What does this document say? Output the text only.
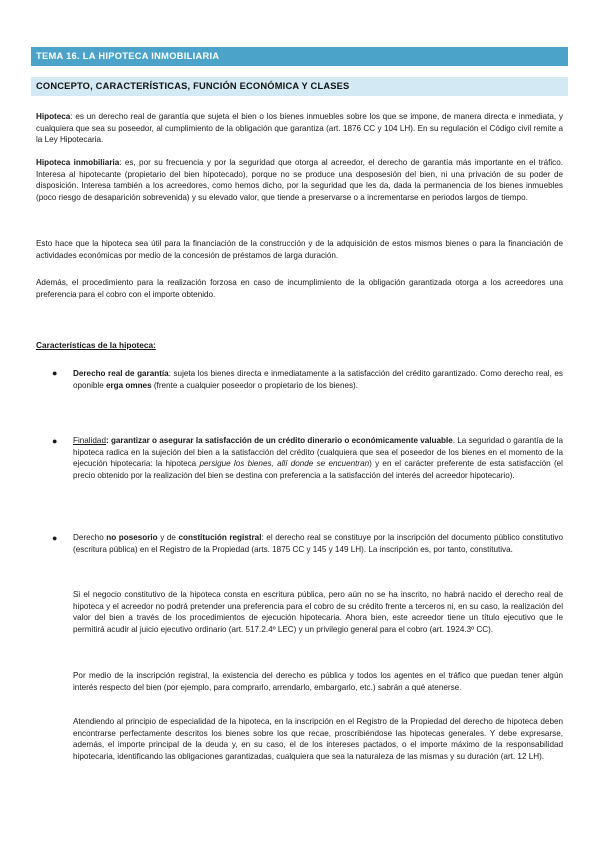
TEMA 16. LA HIPOTECA INMOBILIARIA
CONCEPTO, CARACTERÍSTICAS, FUNCIÓN ECONÓMICA Y CLASES

Hipoteca: es un derecho real de garantía que sujeta el bien o los bienes inmuebles sobre los que se impone, de manera directa e inmediata, y cualquiera que sea su poseedor, al cumplimiento de la obligación que garantiza (art. 1876 CC y 104 LH). En su regulación el Código civil remite a la Ley Hipotecaria.

Hipoteca inmobiliaria: es, por su frecuencia y por la seguridad que otorga al acreedor, el derecho de garantía más importante en el tráfico. Interesa al hipotecante (propietario del bien hipotecado), porque no se produce una desposesión del bien, ni una privación de su poder de disposición. Interesa también a los acreedores, como hemos dicho, por la seguridad que les da, dada la permanencia de los bienes inmuebles (poco riesgo de desaparición sobrevenida) y su elevado valor, que tiende a preservarse o a incrementarse en periodos largos de tiempo.

Esto hace que la hipoteca sea útil para la financiación de la construcción y de la adquisición de estos mismos bienes o para la financiación de actividades económicas por medio de la concesión de préstamos de larga duración.

Además, el procedimiento para la realización forzosa en caso de incumplimiento de la obligación garantizada otorga a los acreedores una preferencia para el cobro con el importe obtenido.

Características de la hipoteca:
● Derecho real de garantía: sujeta los bienes directa e inmediatamente a la satisfacción del crédito garantizado. Como derecho real, es oponible erga omnes (frente a cualquier poseedor o propietario de los bienes).

● Finalidad: garantizar o asegurar la satisfacción de un crédito dinerario o económicamente valuable. La seguridad o garantía de la hipoteca radica en la sujeción del bien a la satisfacción del crédito (cualquiera que sea el poseedor de los bienes en el momento de la ejecución hipotecaria: la hipoteca persigue los bienes, allí donde se encuentran) y en el carácter preferente de esta satisfacción (el precio obtenido por la realización del bien se destina con preferencia a la satisfacción del interés del acreedor hipotecario).

● Derecho no posesorio y de constitución registral: el derecho real se constituye por la inscripción del documento público constitutivo (escritura pública) en el Registro de la Propiedad (arts. 1875 CC y 145 y 149 LH). La inscripción es, por tanto, constitutiva.

Si el negocio constitutivo de la hipoteca consta en escritura pública, pero aún no se ha inscrito, no habrá nacido el derecho real de hipoteca y el acreedor no podrá pretender una preferencia para el cobro de su crédito frente a terceros ni, en su caso, la realización del valor del bien a través de los procedimientos de ejecución hipotecaria. Ahora bien, este acreedor tiene un título ejecutivo que le permitirá acudir al juicio ejecutivo ordinario (art. 517.2.4º LEC) y un privilegio general para el cobro (art. 1924.3º CC).

Por medio de la inscripción registral, la existencia del derecho es pública y todos los agentes en el tráfico que puedan tener algún interés respecto del bien (por ejemplo, para comprarlo, arrendarlo, embargarlo, etc.) sabrán a qué atenerse.

Atendiendo al principio de especialidad de la hipoteca, en la inscripción en el Registro de la Propiedad del derecho de hipoteca deben encontrarse perfectamente descritos los bienes sobre los que recae, proscribiéndose las hipotecas generales. Y debe expresarse, además, el importe principal de la deuda y, en su caso, el de los intereses pactados, o el importe máximo de la responsabilidad hipotecaria, identificando las obligaciones garantizadas, cualquiera que sea la naturaleza de las mismas y su duración (art. 12 LH).
